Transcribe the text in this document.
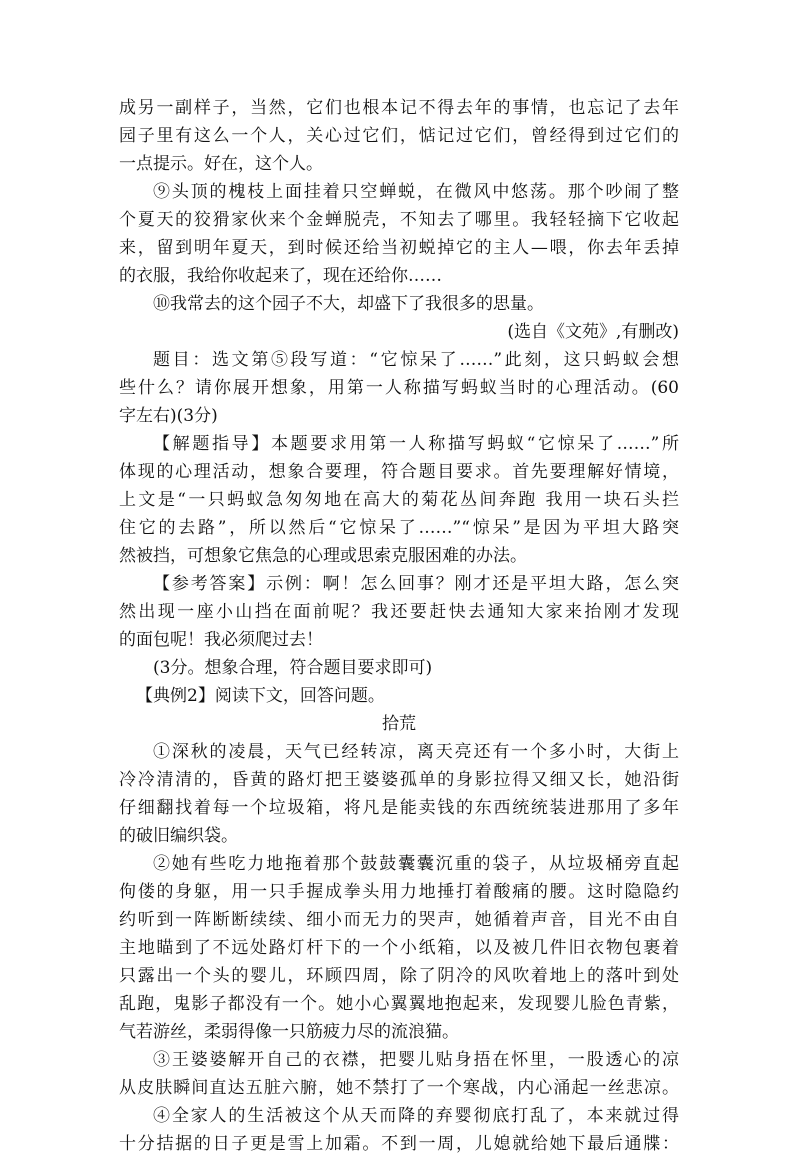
成另一副样子，当然，它们也根本记不得去年的事情，也忘记了去年
园子里有这么一个人，关心过它们，惦记过它们，曾经得到过它们的
一点提示。好在，这个人。
⑨头顶的槐枝上面挂着只空蝉蜕，在微风中悠荡。那个吵闹了整
个夏天的狡猾家伙来个金蝉脱壳，不知去了哪里。我轻轻摘下它收起
来，留到明年夏天，到时候还给当初蜕掉它的主人—喂，你去年丢掉
的衣服，我给你收起来了，现在还给你……
⑩我常去的这个园子不大，却盛下了我很多的思量。
(选自《文苑》,有删改)
题目：选文第⑤段写道：“它惊呆了……”此刻，这只蚂蚁会想
些什么？请你展开想象，用第一人称描写蚂蚁当时的心理活动。(60
字左右)(3分)
【解题指导】本题要求用第一人称描写蚂蚁“它惊呆了……”所
体现的心理活动，想象合要理，符合题目要求。首先要理解好情境，
上文是“一只蚂蚁急匆匆地在高大的菊花丛间奔跑 我用一块石头拦
住它的去路”，所以然后“它惊呆了……”“惊呆”是因为平坦大路突
然被挡，可想象它焦急的心理或思索克服困难的办法。
【参考答案】示例：啊！怎么回事？刚才还是平坦大路，怎么突
然出现一座小山挡在面前呢？我还要赶快去通知大家来抬刚才发现
的面包呢！我必须爬过去！
(3分。想象合理，符合题目要求即可)
【典例2】阅读下文，回答问题。
拾荒
①深秋的凌晨，天气已经转凉，离天亮还有一个多小时，大街上
冷冷清清的，昏黄的路灯把王婆婆孤单的身影拉得又细又长，她沿街
仔细翻找着每一个垃圾箱，将凡是能卖钱的东西统统装进那用了多年
的破旧编织袋。
②她有些吃力地拖着那个鼓鼓囊囊沉重的袋子，从垃圾桶旁直起
佝偻的身躯，用一只手握成拳头用力地捶打着酸痛的腰。这时隐隐约
约听到一阵断断续续、细小而无力的哭声，她循着声音，目光不由自
主地瞄到了不远处路灯杆下的一个小纸箱，以及被几件旧衣物包裹着
只露出一个头的婴儿，环顾四周，除了阴冷的风吹着地上的落叶到处
乱跑，鬼影子都没有一个。她小心翼翼地抱起来，发现婴儿脸色青紫，
气若游丝，柔弱得像一只筋疲力尽的流浪猫。
③王婆婆解开自己的衣襟，把婴儿贴身捂在怀里，一股透心的凉
从皮肤瞬间直达五脏六腑，她不禁打了一个寒战，内心涌起一丝悲凉。
④全家人的生活被这个从天而降的弃婴彻底打乱了，本来就过得
十分拮据的日子更是雪上加霜。不到一周，儿媳就给她下最后通牒：
